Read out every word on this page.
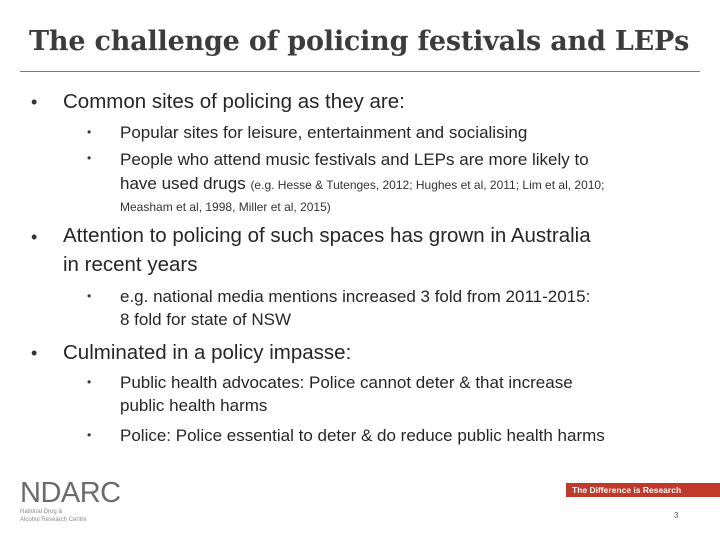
The challenge of policing festivals and LEPs
• Common sites of policing as they are:
• Popular sites for leisure, entertainment and socialising
• People who attend music festivals and LEPs are more likely to
have used drugs (e.g. Hesse & Tutenges, 2012; Hughes et al, 2011; Lim et al, 2010;
Measham et al, 1998, Miller et al, 2015)
• Attention to policing of such spaces has grown in Australia
in recent years
• e.g. national media mentions increased 3 fold from 2011-2015:
8 fold for state of NSW
• Culminated in a policy impasse:
• Public health advocates: Police cannot deter & that increase
public health harms
• Police: Police essential to deter & do reduce public health harms
NDARC
National Drug &
Alcohol Research Centre
The Difference is Research
3
